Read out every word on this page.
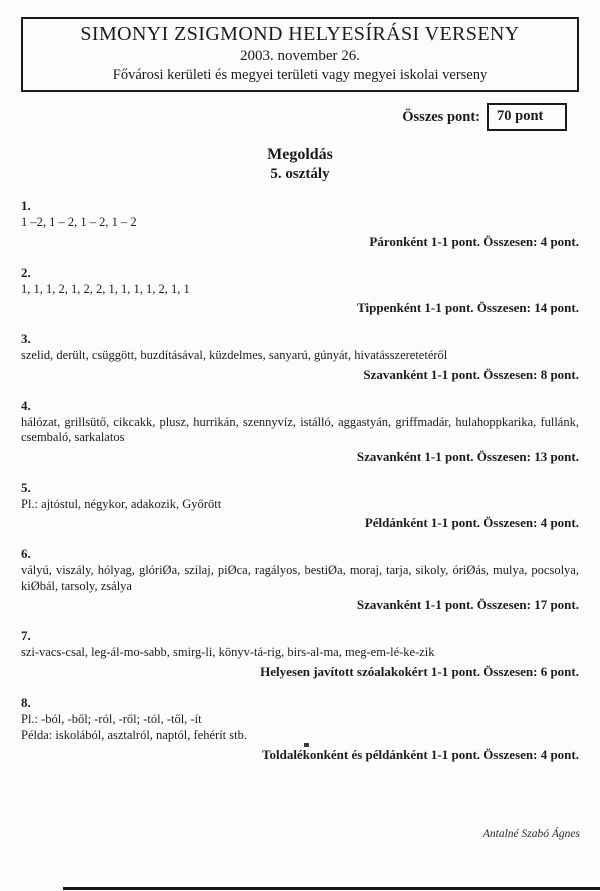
SIMONYI ZSIGMOND HELYESÍRÁSI VERSENY
2003. november 26.
Fővárosi kerületi és megyei területi vagy megyei iskolai verseny
Összes pont:	70 pont
Megoldás
5. osztály
1.
1 –2, 1 – 2, 1 – 2, 1 – 2
Páronként 1-1 pont. Összesen: 4 pont.
2.
1, 1, 1, 2, 1, 2, 2, 1, 1, 1, 1, 2, 1, 1
Tippenként 1-1 pont. Összesen: 14 pont.
3.
szelid, derült, csüggött, buzdításával, küzdelmes, sanyarú, gúnyát, hivatásszeretetéről
Szavanként 1-1 pont. Összesen: 8 pont.
4.
hálózat, grillsütő, cikcakk, plusz, hurrikán, szennyvíz, istálló, aggastyán, griffmadár, hulahoppkarika, fullánk, csembaló, sarkalatos
Szavanként 1-1 pont. Összesen: 13 pont.
5.
Pl.: ajtóstul, négykor, adakozik, Győrött
Példánként 1-1 pont. Összesen: 4 pont.
6.
vályú, viszály, hólyag, glóriØa, szilaj, piØca, ragályos, bestiØa, moraj, tarja, sikoly, óriØás, mulya, pocsolya, kiØbál, tarsoly, zsálya
Szavanként 1-1 pont. Összesen: 17 pont.
7.
szi-vacs-csal, leg-ál-mo-sabb, smirg-li, könyv-tá-rig, birs-al-ma, meg-em-lé-ke-zik
Helyesen javított szóalakokért 1-1 pont. Összesen: 6 pont.
8.
Pl.: -ból, -ből; -ról, -ről; -tól, -től, -ít
Példa: iskolából, asztalról, naptól, fehérít stb.
Toldalékonként és példánként 1-1 pont. Összesen: 4 pont.
Antalné Szabó Ágnes
